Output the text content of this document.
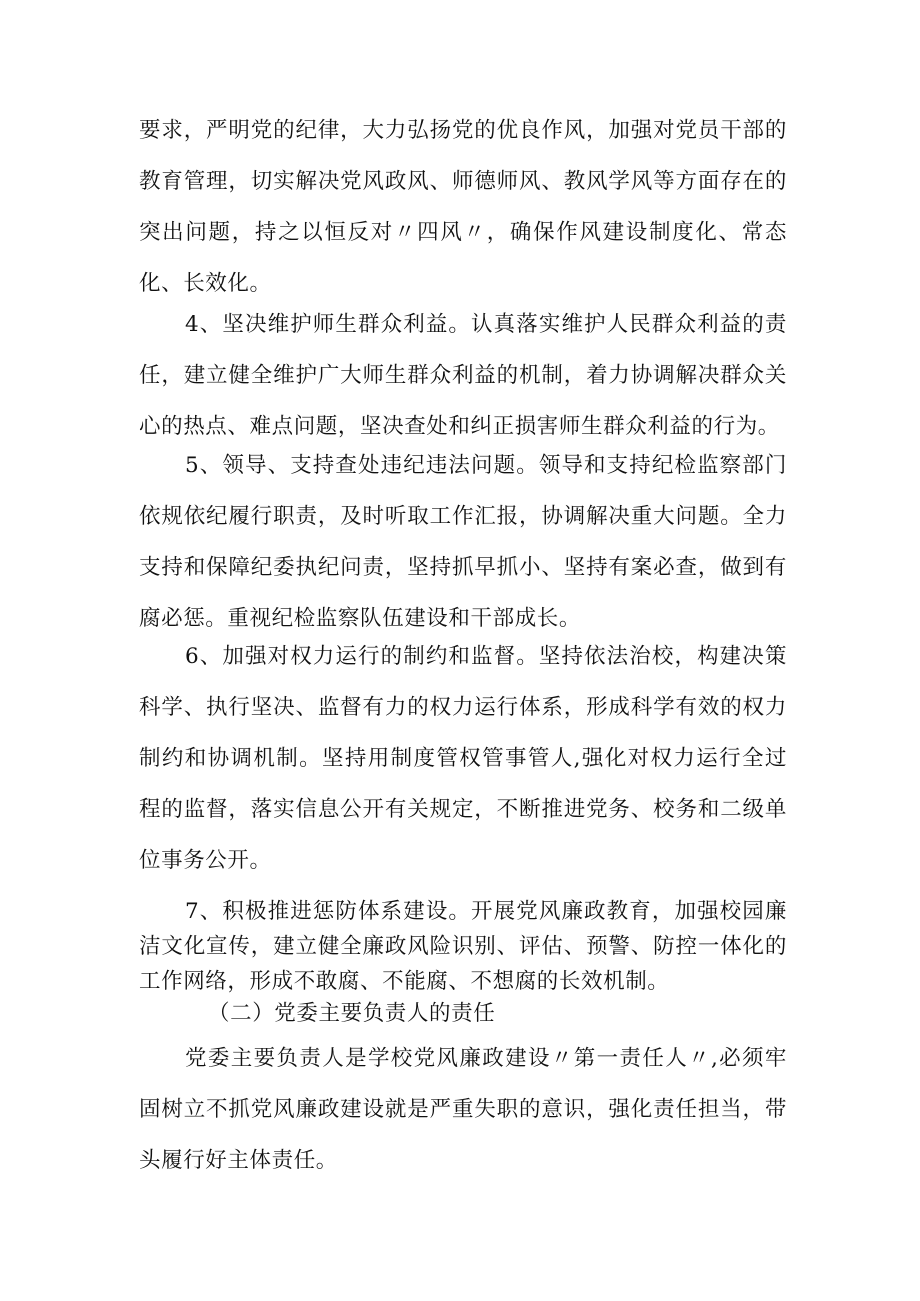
要求，严明党的纪律，大力弘扬党的优良作风，加强对党员干部的教育管理，切实解决党风政风、师德师风、教风学风等方面存在的突出问题，持之以恒反对〃四风〃，确保作风建设制度化、常态化、长效化。

4、坚决维护师生群众利益。认真落实维护人民群众利益的责任，建立健全维护广大师生群众利益的机制，着力协调解决群众关心的热点、难点问题，坚决查处和纠正损害师生群众利益的行为。

5、领导、支持查处违纪违法问题。领导和支持纪检监察部门依规依纪履行职责，及时听取工作汇报，协调解决重大问题。全力支持和保障纪委执纪问责，坚持抓早抓小、坚持有案必查，做到有腐必惩。重视纪检监察队伍建设和干部成长。

6、加强对权力运行的制约和监督。坚持依法治校，构建决策科学、执行坚决、监督有力的权力运行体系，形成科学有效的权力制约和协调机制。坚持用制度管权管事管人,强化对权力运行全过程的监督，落实信息公开有关规定，不断推进党务、校务和二级单位事务公开。

7、积极推进惩防体系建设。开展党风廉政教育，加强校园廉洁文化宣传，建立健全廉政风险识别、评估、预警、防控一体化的工作网络，形成不敢腐、不能腐、不想腐的长效机制。

（二）党委主要负责人的责任

党委主要负责人是学校党风廉政建设〃第一责任人〃,必须牢固树立不抓党风廉政建设就是严重失职的意识，强化责任担当，带头履行好主体责任。
